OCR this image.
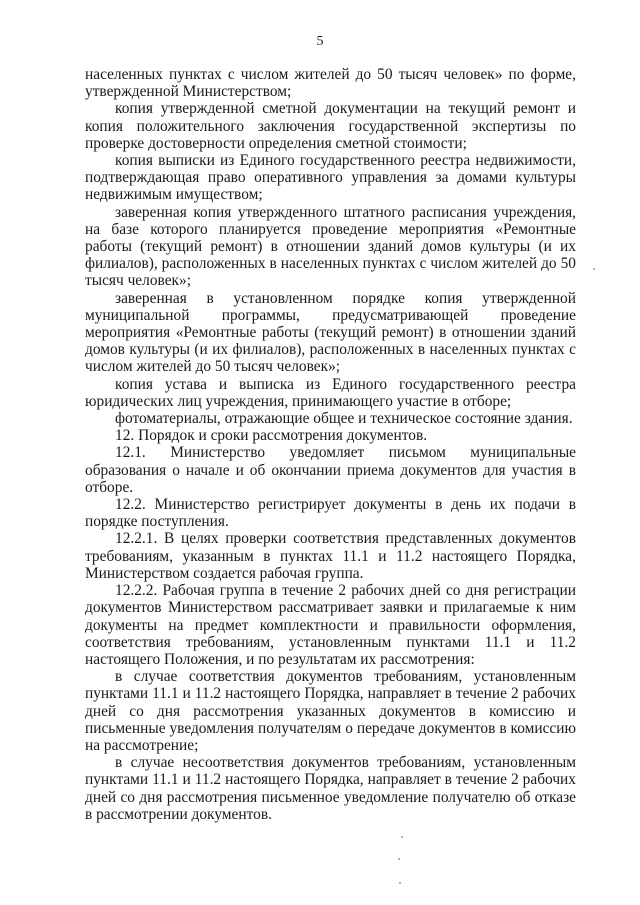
5

населенных пунктах с числом жителей до 50 тысяч человек» по форме, утвержденной Министерством;

копия утвержденной сметной документации на текущий ремонт и копия положительного заключения государственной экспертизы по проверке достоверности определения сметной стоимости;

копия выписки из Единого государственного реестра недвижимости, подтверждающая право оперативного управления за домами культуры недвижимым имуществом;

заверенная копия утвержденного штатного расписания учреждения, на базе которого планируется проведение мероприятия «Ремонтные работы (текущий ремонт) в отношении зданий домов культуры (и их филиалов), расположенных в населенных пунктах с числом жителей до 50 тысяч человек»;

заверенная в установленном порядке копия утвержденной муниципальной программы, предусматривающей проведение мероприятия «Ремонтные работы (текущий ремонт) в отношении зданий домов культуры (и их филиалов), расположенных в населенных пунктах с числом жителей до 50 тысяч человек»;

копия устава и выписка из Единого государственного реестра юридических лиц учреждения, принимающего участие в отборе;

фотоматериалы, отражающие общее и техническое состояние здания.

12. Порядок и сроки рассмотрения документов.

12.1. Министерство уведомляет письмом муниципальные образования о начале и об окончании приема документов для участия в отборе.

12.2. Министерство регистрирует документы в день их подачи в порядке поступления.

12.2.1. В целях проверки соответствия представленных документов требованиям, указанным в пунктах 11.1 и 11.2 настоящего Порядка, Министерством создается рабочая группа.

12.2.2. Рабочая группа в течение 2 рабочих дней со дня регистрации документов Министерством рассматривает заявки и прилагаемые к ним документы на предмет комплектности и правильности оформления, соответствия требованиям, установленным пунктами 11.1 и 11.2 настоящего Положения, и по результатам их рассмотрения:

в случае соответствия документов требованиям, установленным пунктами 11.1 и 11.2 настоящего Порядка, направляет в течение 2 рабочих дней со дня рассмотрения указанных документов в комиссию и письменные уведомления получателям о передаче документов в комиссию на рассмотрение;

в случае несоответствия документов требованиям, установленным пунктами 11.1 и 11.2 настоящего Порядка, направляет в течение 2 рабочих дней со дня рассмотрения письменное уведомление получателю об отказе в рассмотрении документов.
